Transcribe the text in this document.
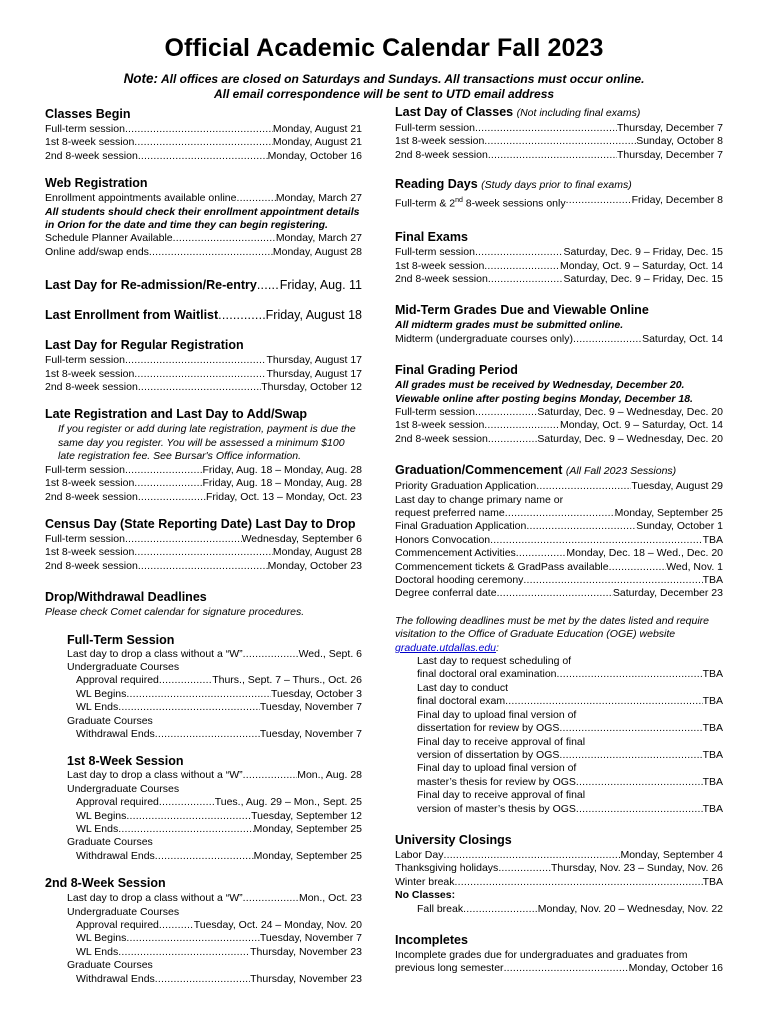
Official Academic Calendar Fall 2023
Note: All offices are closed on Saturdays and Sundays. All transactions must occur online.
All email correspondence will be sent to UTD email address
Classes Begin
Full-term session .....	Monday, August 21
1st 8-week session .....	Monday, August 21
2nd 8-week session .....	Monday, October 16
Web Registration
Enrollment appointments available online .....	Monday, March 27
All students should check their enrollment appointment details in Orion for the date and time they can begin registering.
Schedule Planner Available .....	Monday, March 27
Online add/swap ends .....	Monday, August 28
Last Day for Re-admission/Re-entry ..... Friday, Aug. 11
Last Enrollment from Waitlist .....	Friday, August 18
Last Day for Regular Registration
Full-term session .....	Thursday, August 17
1st 8-week session .....	Thursday, August 17
2nd 8-week session .....	Thursday, October 12
Late Registration and Last Day to Add/Swap
If you register or add during late registration, payment is due the same day you register. You will be assessed a minimum $100 late registration fee. See Bursar's Office information.
Full-term session .....	Friday, Aug. 18 – Monday, Aug. 28
1st 8-week session .....	Friday, Aug. 18 – Monday, Aug. 28
2nd 8-week session .....	Friday, Oct. 13 – Monday, Oct. 23
Census Day (State Reporting Date) Last Day to Drop
Full-term session .....	Wednesday, September 6
1st 8-week session .....	Monday, August 28
2nd 8-week session .....	Monday, October 23
Drop/Withdrawal Deadlines
Please check Comet calendar for signature procedures.
Full-Term Session
Last day to drop a class without a “W” .....	Wed., Sept. 6
Undergraduate Courses
Approval required .....	Thurs., Sept. 7 – Thurs., Oct. 26
WL Begins .....	Tuesday, October 3
WL Ends .....	Tuesday, November 7
Graduate Courses
Withdrawal Ends .....	Tuesday, November 7
1st 8-Week Session
Last day to drop a class without a “W” .....	Mon., Aug. 28
Undergraduate Courses
Approval required .....	Tues., Aug. 29 – Mon., Sept. 25
WL Begins .....	Tuesday, September 12
WL Ends .....	Monday, September 25
Graduate Courses
Withdrawal Ends .....	Monday, September 25
2nd 8-Week Session
Last day to drop a class without a “W” .....	Mon., Oct. 23
Undergraduate Courses
Approval required .....	Tuesday, Oct. 24 – Monday, Nov. 20
WL Begins .....	Tuesday, November 7
WL Ends .....	Thursday, November 23
Graduate Courses
Withdrawal Ends .....	Thursday, November 23
Last Day of Classes (Not including final exams)
Full-term session .....	Thursday, December 7
1st 8-week session .....	Sunday, October 8
2nd 8-week session .....	Thursday, December 7
Reading Days (Study days prior to final exams)
Full-term & 2nd 8-week sessions only .....	Friday, December 8
Final Exams
Full-term session .....	Saturday, Dec. 9 – Friday, Dec. 15
1st 8-week session .....	Monday, Oct. 9 – Saturday, Oct. 14
2nd 8-week session .....	Saturday, Dec. 9 – Friday, Dec. 15
Mid-Term Grades Due and Viewable Online
All midterm grades must be submitted online.
Midterm (undergraduate courses only) .....	Saturday, Oct. 14
Final Grading Period
All grades must be received by Wednesday, December 20.
Viewable online after posting begins Monday, December 18.
Full-term session .....	Saturday, Dec. 9 – Wednesday, Dec. 20
1st 8-week session .....	Monday, Oct. 9 – Saturday, Oct. 14
2nd 8-week session .....	Saturday, Dec. 9 – Wednesday, Dec. 20
Graduation/Commencement (All Fall 2023 Sessions)
Priority Graduation Application .....	Tuesday, August 29
Last day to change primary name or
request preferred name .....	Monday, September 25
Final Graduation Application .....	Sunday, October 1
Honors Convocation .....	TBA
Commencement Activities .....	Monday, Dec. 18 – Wed., Dec. 20
Commencement tickets & GradPass available .....	Wed, Nov. 1
Doctoral hooding ceremony .....	TBA
Degree conferral date .....	Saturday, December 23
The following deadlines must be met by the dates listed and require visitation to the Office of Graduate Education (OGE) website graduate.utdallas.edu:
Last day to request scheduling of
final doctoral oral examination .....	TBA
Last day to conduct
final doctoral exam .....	TBA
Final day to upload final version of
dissertation for review by OGS .....	TBA
Final day to receive approval of final
version of dissertation by OGS .....	TBA
Final day to upload final version of
master’s thesis for review by OGS .....	TBA
Final day to receive approval of final
version of master’s thesis by OGS .....	TBA
University Closings
Labor Day .....	Monday, September 4
Thanksgiving holidays .....	Thursday, Nov. 23 – Sunday, Nov. 26
Winter break .....	TBA
No Classes:
Fall break .....	Monday, Nov. 20 – Wednesday, Nov. 22
Incompletes
Incomplete grades due for undergraduates and graduates from
previous long semester .....	Monday, October 16
